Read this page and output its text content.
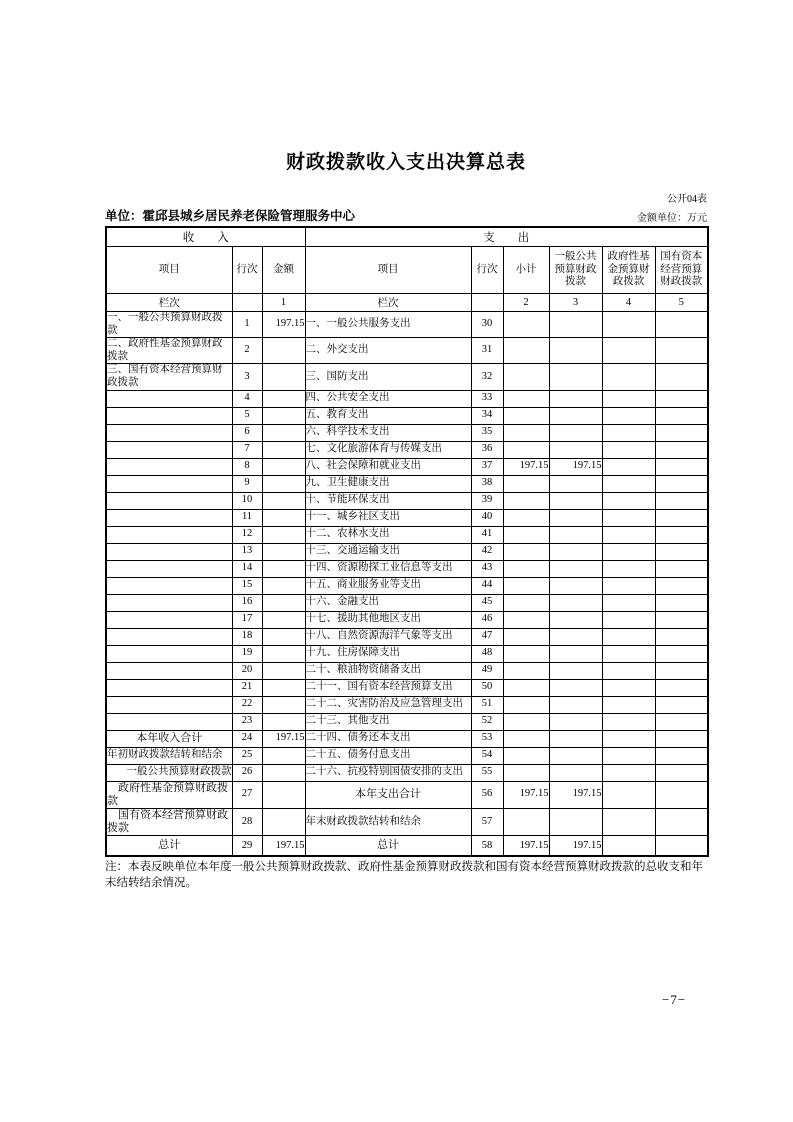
财政拨款收入支出决算总表
公开04表
单位：霍邱县城乡居民养老保险管理服务中心	金额单位：万元
收　　入			支　　出					
项目	行次	金额	项目	行次	小计	一般公共预算财政拨款	政府性基金预算财政拨款	国有资本经营预算财政拨款
栏次		1	栏次		2	3	4	5
一、一般公共预算财政拨款	1	197.15	一、一般公共服务支出	30				
二、政府性基金预算财政拨款	2		二、外交支出	31				
三、国有资本经营预算财政拨款	3		三、国防支出	32				
	4		四、公共安全支出	33				
	5		五、教育支出	34				
	6		六、科学技术支出	35				
	7		七、文化旅游体育与传媒支出	36				
	8		八、社会保障和就业支出	37	197.15	197.15		
	9		九、卫生健康支出	38				
	10		十、节能环保支出	39				
	11		十一、城乡社区支出	40				
	12		十二、农林水支出	41				
	13		十三、交通运输支出	42				
	14		十四、资源勘探工业信息等支出	43				
	15		十五、商业服务业等支出	44				
	16		十六、金融支出	45				
	17		十七、援助其他地区支出	46				
	18		十八、自然资源海洋气象等支出	47				
	19		十九、住房保障支出	48				
	20		二十、粮油物资储备支出	49				
	21		二十一、国有资本经营预算支出	50				
	22		二十二、灾害防治及应急管理支出	51				
	23		二十三、其他支出	52				
本年收入合计	24	197.15	二十四、债务还本支出	53				
年初财政拨款结转和结余	25		二十五、债务付息支出	54				
一般公共预算财政拨款	26		二十六、抗疫特别国债安排的支出	55				
政府性基金预算财政拨款	27		本年支出合计	56	197.15	197.15		
国有资本经营预算财政拨款	28		年末财政拨款结转和结余	57				
总计	29	197.15	总计	58	197.15	197.15		
注：本表反映单位本年度一般公共预算财政拨款、政府性基金预算财政拨款和国有资本经营预算财政拨款的总收支和年末结转结余情况。
−7−
